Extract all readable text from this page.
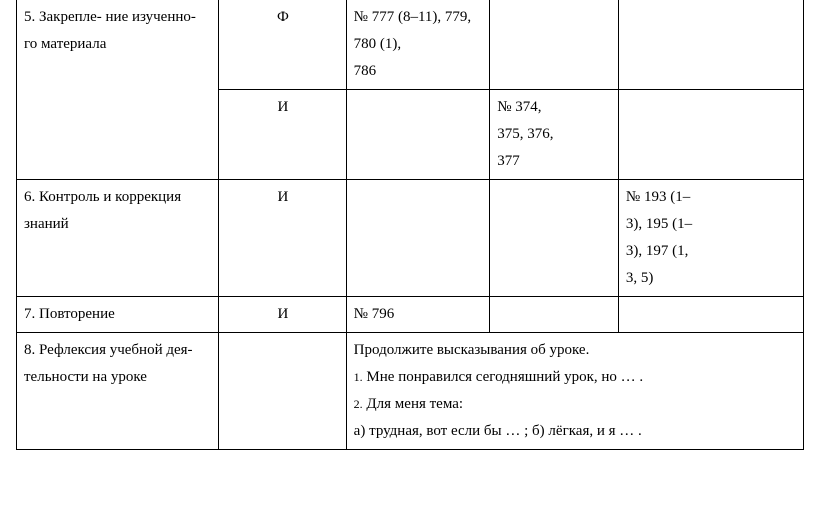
5. Закрепле- ние изученно-
го материала	Ф	№ 777 (8–11), 779,
780 (1),
786		

	И		№ 374,
375, 376,
377	

6. Контроль и коррекция
знаний	И			№ 193 (1–
3), 195 (1–
3), 197 (1,
3, 5)

7. Повторение	И	№ 796		

8. Рефлексия учебной дея-
тельности на уроке		Продолжите высказывания об уроке.
1. Мне понравился сегодняшний урок, но … .
2. Для меня тема:
а) трудная, вот если бы … ; б) лёгкая, и я … .		
